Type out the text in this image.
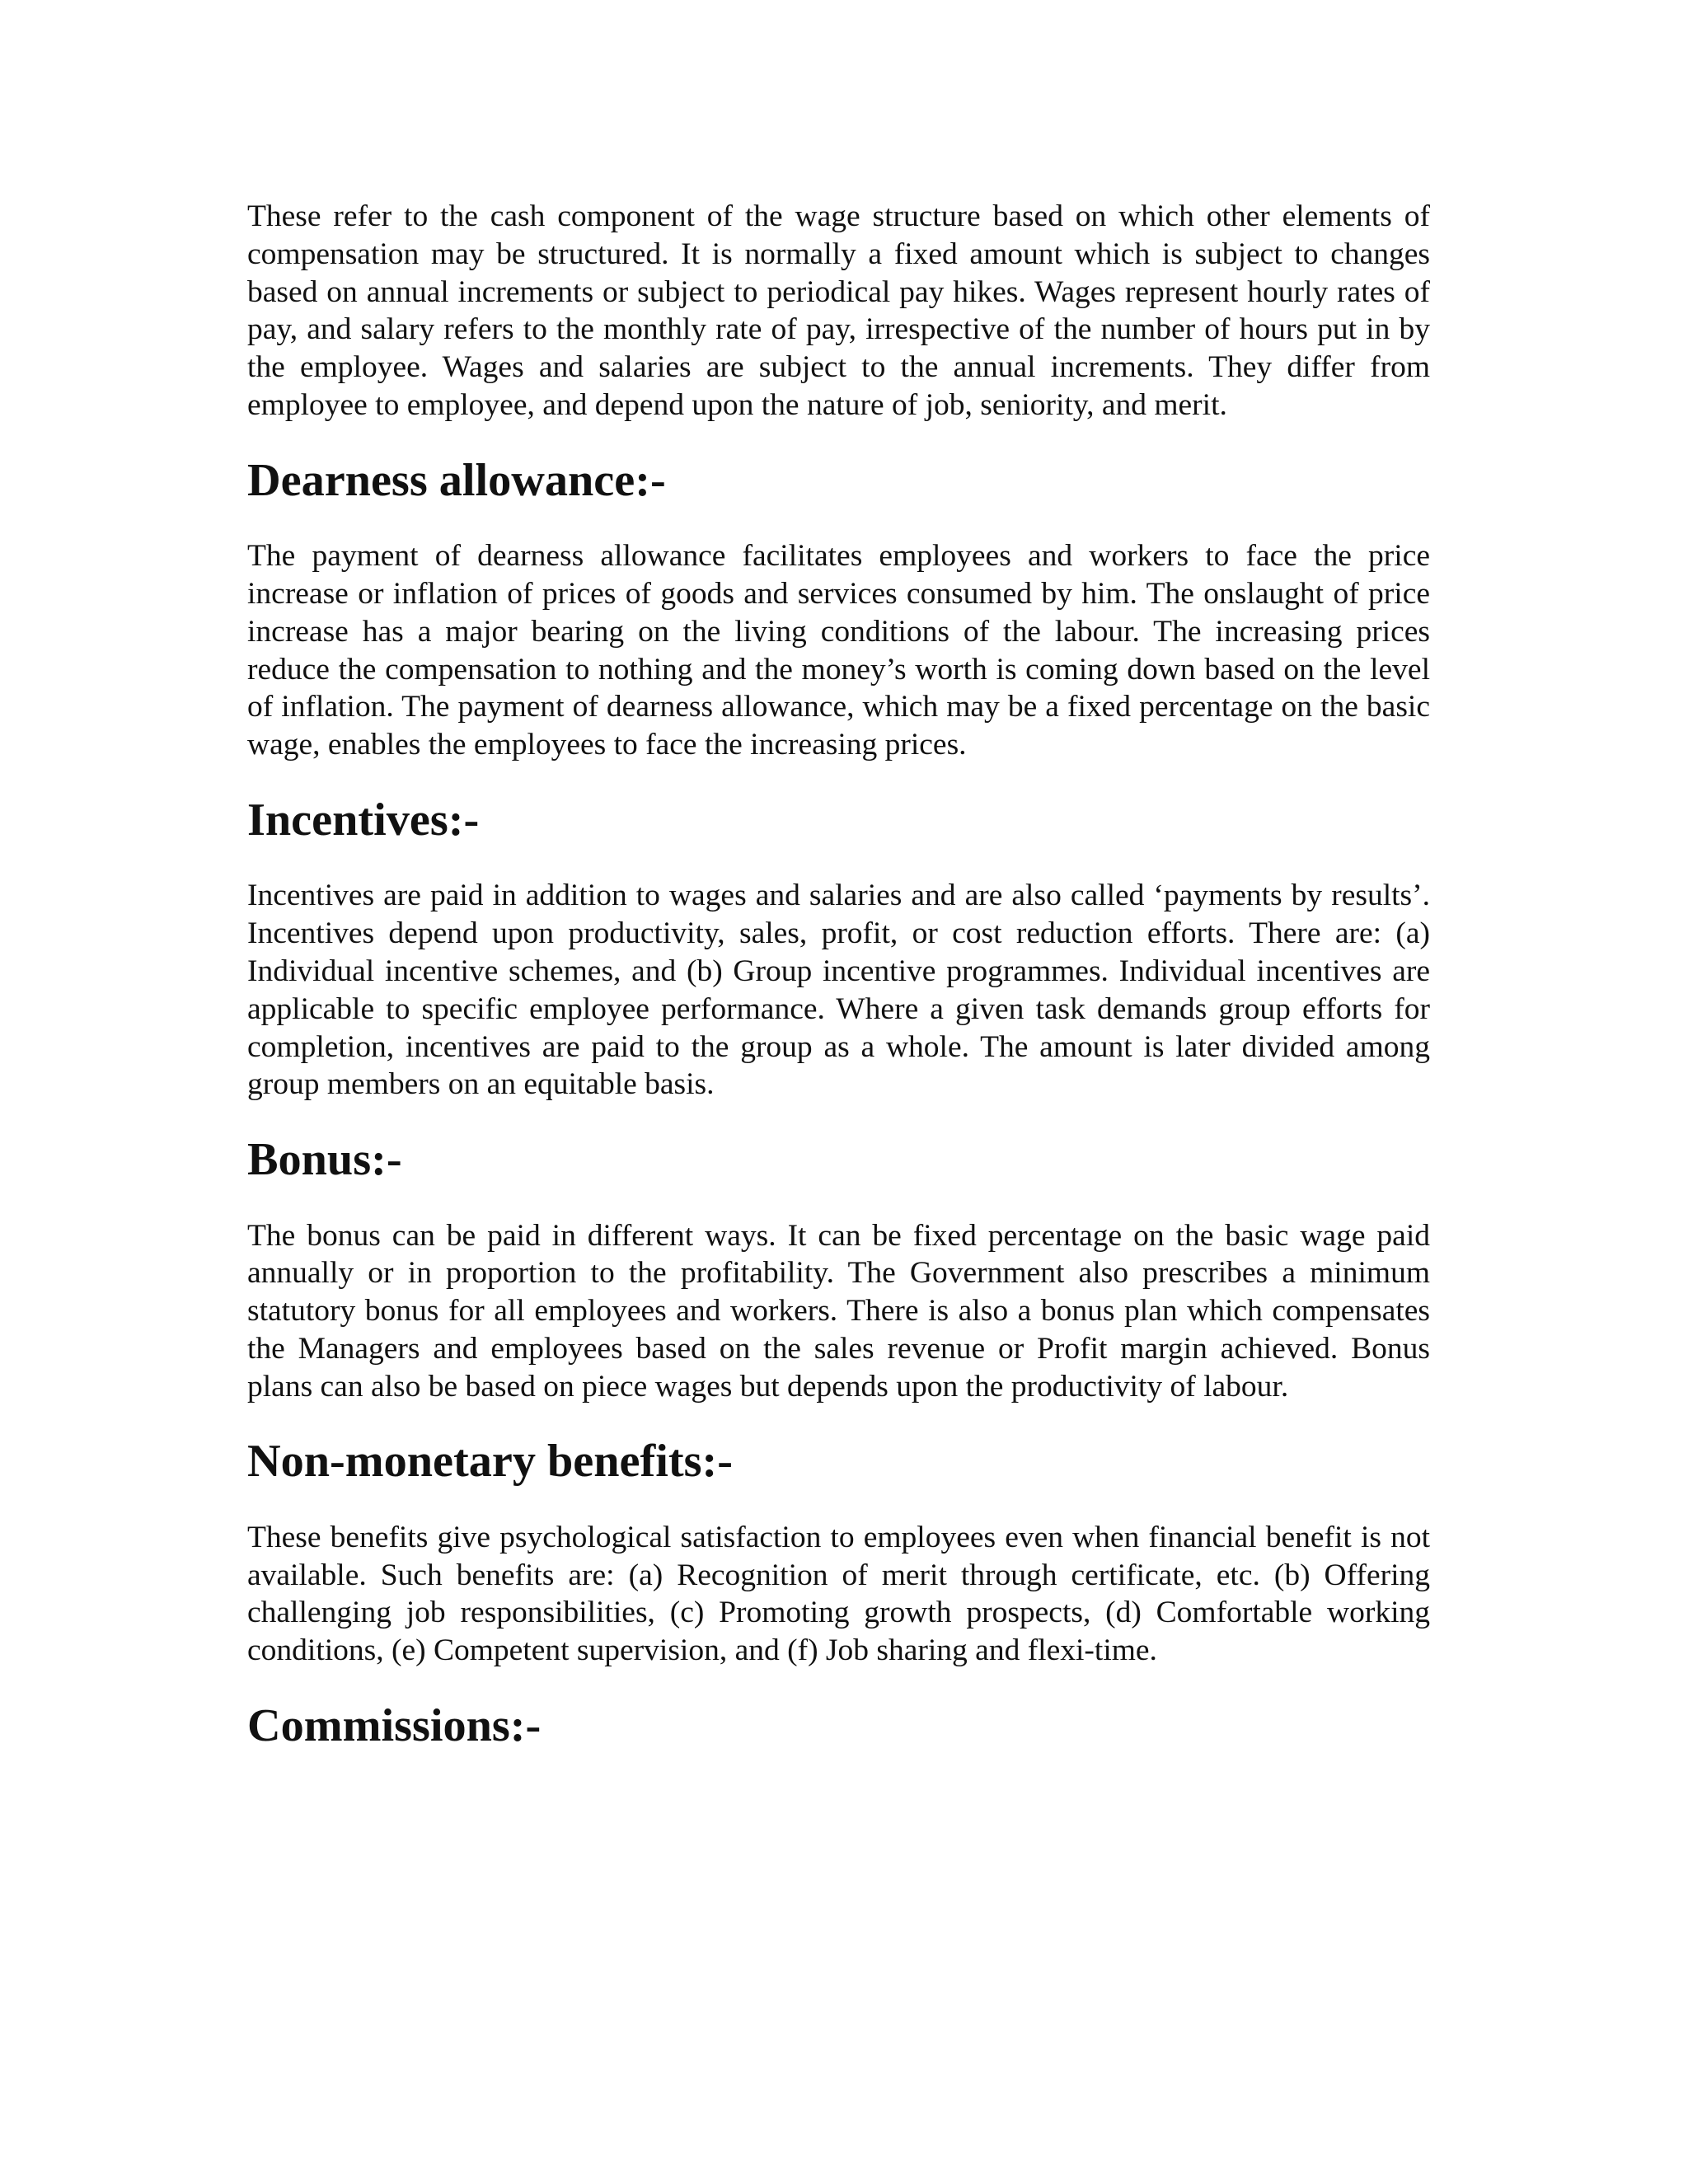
These refer to the cash component of the wage structure based on which other elements of compensation may be structured. It is normally a fixed amount which is subject to changes based on annual increments or subject to periodical pay hikes. Wages represent hourly rates of pay, and salary refers to the monthly rate of pay, irrespective of the number of hours put in by the employee. Wages and salaries are subject to the annual increments. They differ from employee to employee, and depend upon the nature of job, seniority, and merit.

Dearness allowance:-

The payment of dearness allowance facilitates employees and workers to face the price increase or inflation of prices of goods and services consumed by him. The onslaught of price increase has a major bearing on the living conditions of the labour. The increasing prices reduce the compensation to nothing and the money’s worth is coming down based on the level of inflation. The payment of dearness allowance, which may be a fixed percentage on the basic wage, enables the employees to face the increasing prices.

Incentives:-

Incentives are paid in addition to wages and salaries and are also called ‘payments by results’. Incentives depend upon productivity, sales, profit, or cost reduction efforts. There are: (a) Individual incentive schemes, and (b) Group incentive programmes. Individual incentives are applicable to specific employee performance. Where a given task demands group efforts for completion, incentives are paid to the group as a whole. The amount is later divided among group members on an equitable basis.

Bonus:-

The bonus can be paid in different ways. It can be fixed percentage on the basic wage paid annually or in proportion to the profitability. The Government also prescribes a minimum statutory bonus for all employees and workers. There is also a bonus plan which compensates the Managers and employees based on the sales revenue or Profit margin achieved. Bonus plans can also be based on piece wages but depends upon the productivity of labour.

Non-monetary benefits:-

These benefits give psychological satisfaction to employees even when financial benefit is not available. Such benefits are: (a) Recognition of merit through certificate, etc. (b) Offering challenging job responsibilities, (c) Promoting growth prospects, (d) Comfortable working conditions, (e) Competent supervision, and (f) Job sharing and flexi-time.

Commissions:-
